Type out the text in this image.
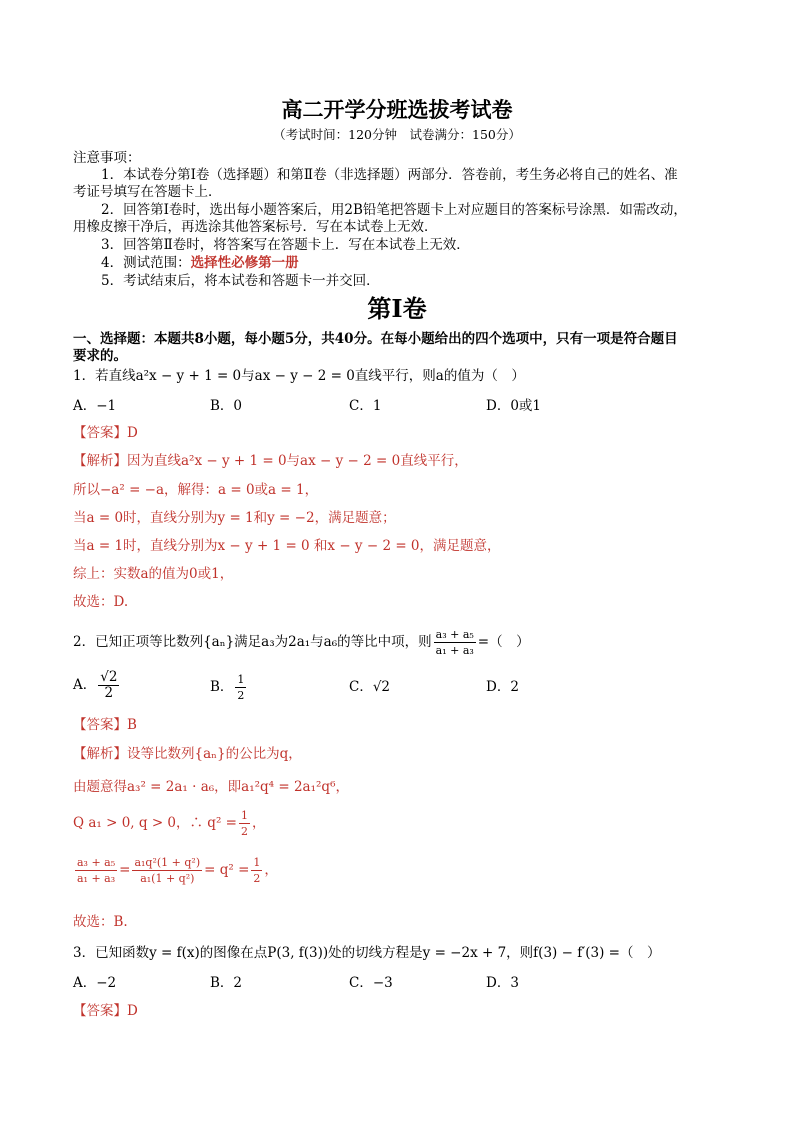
高二开学分班选拔考试卷
（考试时间：120分钟　试卷满分：150分）
注意事项：
1．本试卷分第Ⅰ卷（选择题）和第Ⅱ卷（非选择题）两部分．答卷前，考生务必将自己的姓名、准
考证号填写在答题卡上．
2．回答第Ⅰ卷时，选出每小题答案后，用2B铅笔把答题卡上对应题目的答案标号涂黑．如需改动，
用橡皮擦干净后，再选涂其他答案标号．写在本试卷上无效．
3．回答第Ⅱ卷时，将答案写在答题卡上．写在本试卷上无效．
4．测试范围：选择性必修第一册
5．考试结束后，将本试卷和答题卡一并交回．
第Ⅰ卷
一、选择题：本题共8小题，每小题5分，共40分。在每小题给出的四个选项中，只有一项是符合题目
要求的。
1．若直线a²x − y + 1 = 0与ax − y − 2 = 0直线平行，则a的值为（　）
A．−1	B．0	C．1	D．0或1
【答案】D
【解析】因为直线a²x − y + 1 = 0与ax − y − 2 = 0直线平行，
所以−a² = −a，解得：a = 0或a = 1，
当a = 0时，直线分别为y = 1和y = −2，满足题意；
当a = 1时，直线分别为x − y + 1 = 0 和x − y − 2 = 0，满足题意，
综上：实数a的值为0或1，
故选：D.
2．已知正项等比数列{aₙ}满足a₃为2a₁与a₆的等比中项，则 $\frac{\text{a₃ + a₅}}{\text{a₁ + a₃}}$ =（　）
A． $\frac{√2}{2}$	B． $\frac{1}{2}$	C．√2	D．2
【答案】B
【解析】设等比数列{aₙ}的公比为q，
由题意得a₃² = 2a₁ · a₆，即a₁²q⁴ = 2a₁²q⁶，
Q a₁ > 0, q > 0，∴ $q^2 = \frac{1}{2}$ ，
$\frac{\text{a₃ + a₅}}{\text{a₁ + a₃}} = \frac{\text{a₁q²(1 + q²)}}{\text{a₁(1 + q²)}} = q^2 = \frac{1}{2}$ ，
故选：B.
3．已知函数y = f(x)的图像在点P(3, f(3))处的切线方程是y = −2x + 7，则f(3) − f′(3) =（　）
A．−2	B．2	C．−3	D．3
【答案】D
